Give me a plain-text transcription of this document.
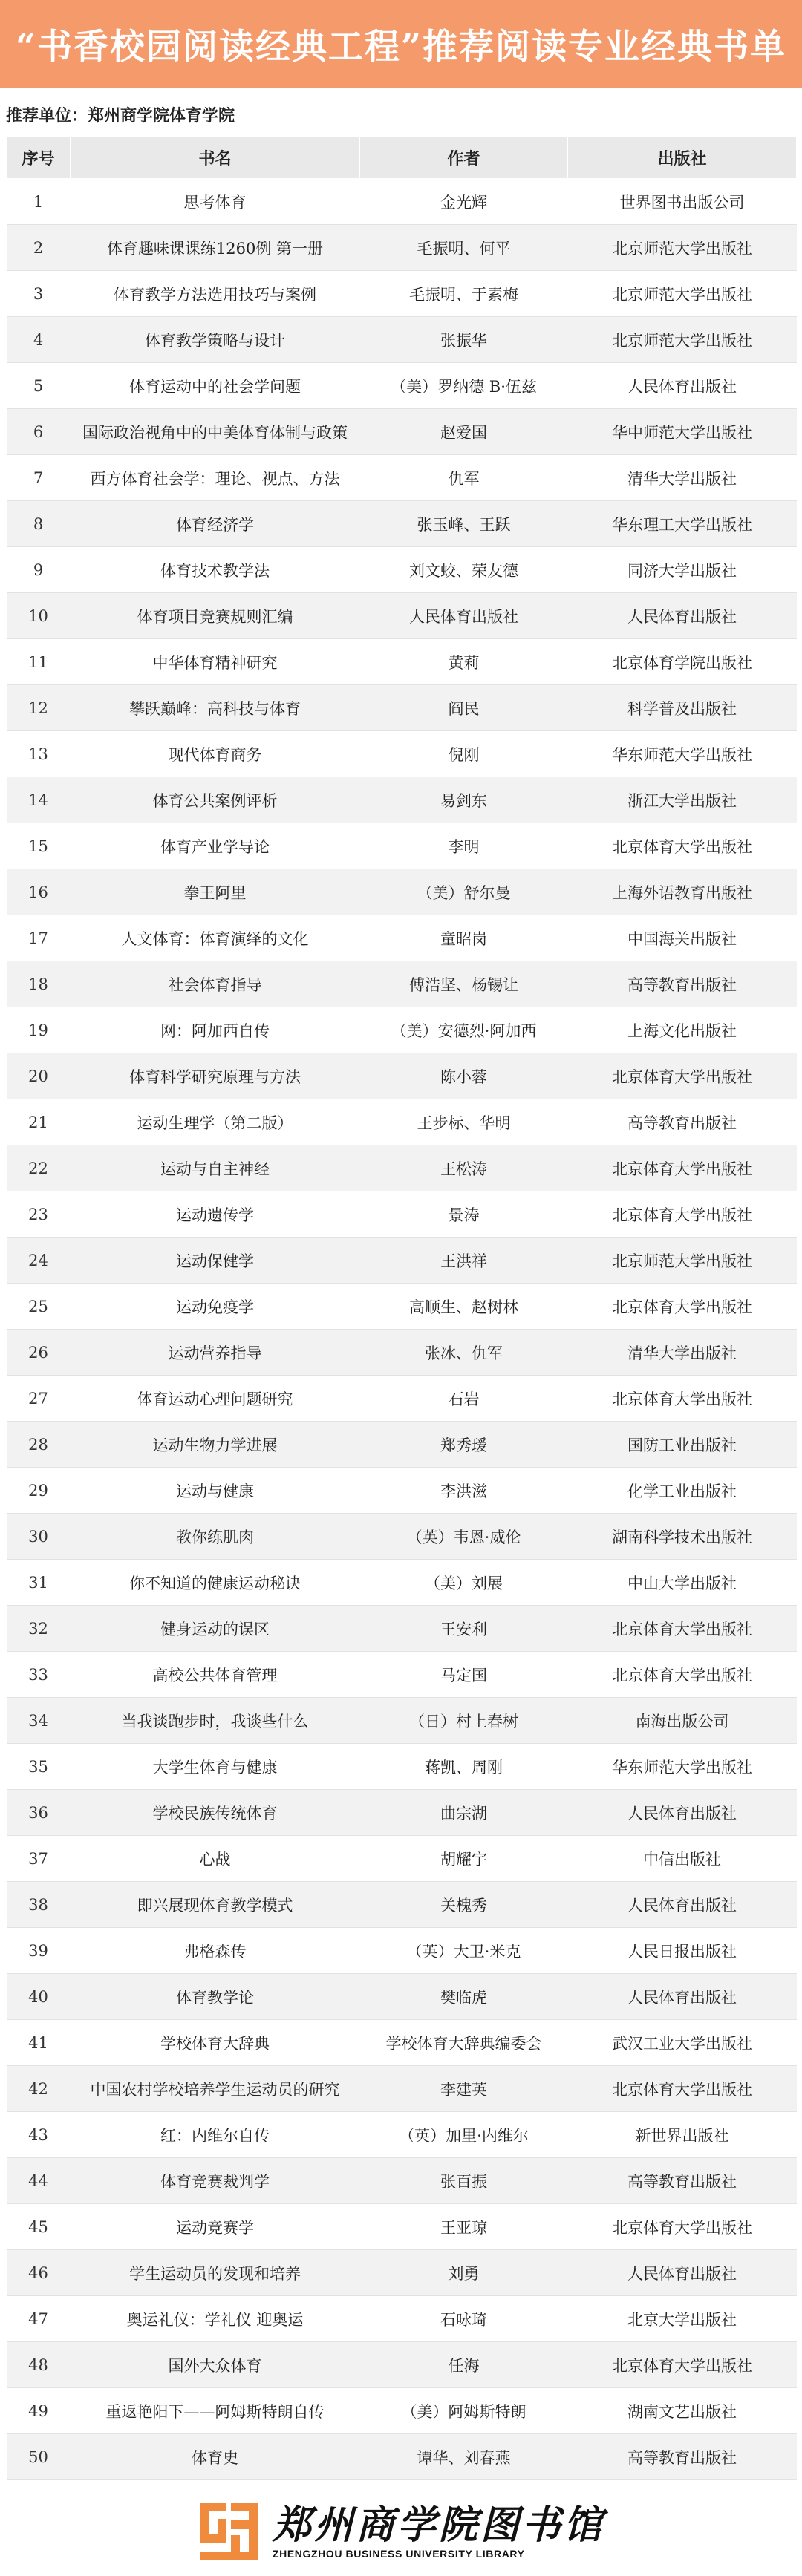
“书香校园阅读经典工程”推荐阅读专业经典书单
推荐单位：郑州商学院体育学院
序号	书名	作者	出版社
1	思考体育	金光辉	世界图书出版公司
2	体育趣味课课练1260例 第一册	毛振明、何平	北京师范大学出版社
3	体育教学方法选用技巧与案例	毛振明、于素梅	北京师范大学出版社
4	体育教学策略与设计	张振华	北京师范大学出版社
5	体育运动中的社会学问题	（美）罗纳德 B·伍兹	人民体育出版社
6	国际政治视角中的中美体育体制与政策	赵爱国	华中师范大学出版社
7	西方体育社会学：理论、视点、方法	仇军	清华大学出版社
8	体育经济学	张玉峰、王跃	华东理工大学出版社
9	体育技术教学法	刘文蛟、荣友德	同济大学出版社
10	体育项目竞赛规则汇编	人民体育出版社	人民体育出版社
11	中华体育精神研究	黄莉	北京体育学院出版社
12	攀跃巅峰：高科技与体育	阎民	科学普及出版社
13	现代体育商务	倪刚	华东师范大学出版社
14	体育公共案例评析	易剑东	浙江大学出版社
15	体育产业学导论	李明	北京体育大学出版社
16	拳王阿里	（美）舒尔曼	上海外语教育出版社
17	人文体育：体育演绎的文化	童昭岗	中国海关出版社
18	社会体育指导	傅浩坚、杨锡让	高等教育出版社
19	网：阿加西自传	（美）安德烈·阿加西	上海文化出版社
20	体育科学研究原理与方法	陈小蓉	北京体育大学出版社
21	运动生理学（第二版）	王步标、华明	高等教育出版社
22	运动与自主神经	王松涛	北京体育大学出版社
23	运动遗传学	景涛	北京体育大学出版社
24	运动保健学	王洪祥	北京师范大学出版社
25	运动免疫学	高顺生、赵树林	北京体育大学出版社
26	运动营养指导	张冰、仇军	清华大学出版社
27	体育运动心理问题研究	石岩	北京体育大学出版社
28	运动生物力学进展	郑秀瑗	国防工业出版社
29	运动与健康	李洪滋	化学工业出版社
30	教你练肌肉	（英）韦恩·威伦	湖南科学技术出版社
31	你不知道的健康运动秘诀	（美）刘展	中山大学出版社
32	健身运动的误区	王安利	北京体育大学出版社
33	高校公共体育管理	马定国	北京体育大学出版社
34	当我谈跑步时，我谈些什么	（日）村上春树	南海出版公司
35	大学生体育与健康	蒋凯、周刚	华东师范大学出版社
36	学校民族传统体育	曲宗湖	人民体育出版社
37	心战	胡耀宇	中信出版社
38	即兴展现体育教学模式	关槐秀	人民体育出版社
39	弗格森传	（英）大卫·米克	人民日报出版社
40	体育教学论	樊临虎	人民体育出版社
41	学校体育大辞典	学校体育大辞典编委会	武汉工业大学出版社
42	中国农村学校培养学生运动员的研究	李建英	北京体育大学出版社
43	红：内维尔自传	（英）加里·内维尔	新世界出版社
44	体育竞赛裁判学	张百振	高等教育出版社
45	运动竞赛学	王亚琼	北京体育大学出版社
46	学生运动员的发现和培养	刘勇	人民体育出版社
47	奥运礼仪：学礼仪 迎奥运	石咏琦	北京大学出版社
48	国外大众体育	任海	北京体育大学出版社
49	重返艳阳下——阿姆斯特朗自传	（美）阿姆斯特朗	湖南文艺出版社
50	体育史	谭华、刘春燕	高等教育出版社
郑州商学院图书馆
ZHENGZHOU BUSINESS UNIVERSITY LIBRARY
